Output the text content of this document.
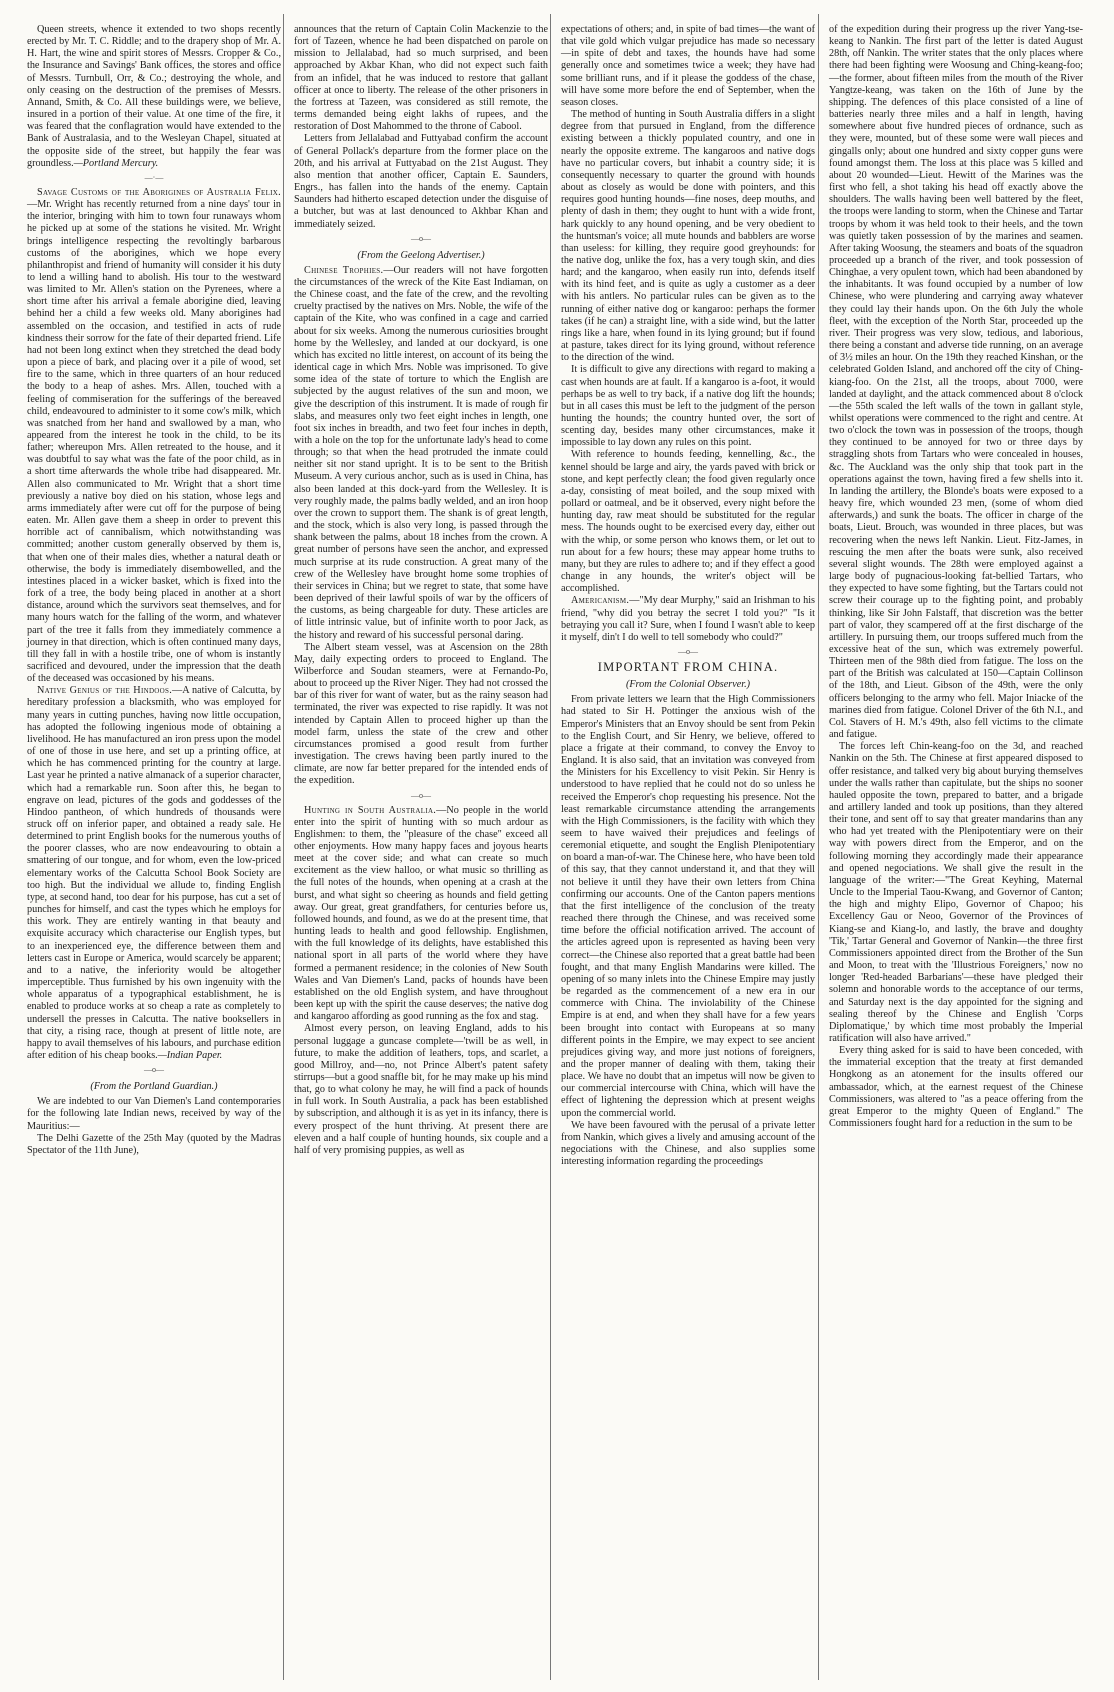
Queen streets, whence it extended to two shops recently erected by Mr. T. C. Riddle; and to the drapery shop of Mr. A. H. Hart, the wine and spirit stores of Messrs. Cropper & Co., the Insurance and Savings' Bank offices, the stores and office of Messrs. Turnbull, Orr, & Co.; destroying the whole, and only ceasing on the destruction of the premises of Messrs. Annand, Smith, & Co. All these buildings were, we believe, insured in a portion of their value. At one time of the fire, it was feared that the conflagration would have extended to the Bank of Australasia, and to the Wesleyan Chapel, situated at the opposite side of the street, but happily the fear was groundless.—Portland Mercury.

—·—

Savage Customs of the Aborigines of Australia Felix.—Mr. Wright has recently returned from a nine days' tour in the interior, bringing with him to town four runaways whom he picked up at some of the stations he visited. Mr. Wright brings intelligence respecting the revoltingly barbarous customs of the aborigines, which we hope every philanthropist and friend of humanity will consider it his duty to lend a willing hand to abolish. His tour to the westward was limited to Mr. Allen's station on the Pyrenees, where a short time after his arrival a female aborigine died, leaving behind her a child a few weeks old. Many aborigines had assembled on the occasion, and testified in acts of rude kindness their sorrow for the fate of their departed friend. Life had not been long extinct when they stretched the dead body upon a piece of bark, and placing over it a pile of wood, set fire to the same, which in three quarters of an hour reduced the body to a heap of ashes. Mrs. Allen, touched with a feeling of commiseration for the sufferings of the bereaved child, endeavoured to administer to it some cow's milk, which was snatched from her hand and swallowed by a man, who appeared from the interest he took in the child, to be its father; whereupon Mrs. Allen retreated to the house, and it was doubtful to say what was the fate of the poor child, as in a short time afterwards the whole tribe had disappeared. Mr. Allen also communicated to Mr. Wright that a short time previously a native boy died on his station, whose legs and arms immediately after were cut off for the purpose of being eaten. Mr. Allen gave them a sheep in order to prevent this horrible act of cannibalism, which notwithstanding was committed; another custom generally observed by them is, that when one of their males dies, whether a natural death or otherwise, the body is immediately disembowelled, and the intestines placed in a wicker basket, which is fixed into the fork of a tree, the body being placed in another at a short distance, around which the survivors seat themselves, and for many hours watch for the falling of the worm, and whatever part of the tree it falls from they immediately commence a journey in that direction, which is often continued many days, till they fall in with a hostile tribe, one of whom is instantly sacrificed and devoured, under the impression that the death of the deceased was occasioned by his means.

Native Genius of the Hindoos.—A native of Calcutta, by hereditary profession a blacksmith, who was employed for many years in cutting punches, having now little occupation, has adopted the following ingenious mode of obtaining a livelihood. He has manufactured an iron press upon the model of one of those in use here, and set up a printing office, at which he has commenced printing for the country at large. Last year he printed a native almanack of a superior character, which had a remarkable run. Soon after this, he began to engrave on lead, pictures of the gods and goddesses of the Hindoo pantheon, of which hundreds of thousands were struck off on inferior paper, and obtained a ready sale. He determined to print English books for the numerous youths of the poorer classes, who are now endeavouring to obtain a smattering of our tongue, and for whom, even the low-priced elementary works of the Calcutta School Book Society are too high. But the individual we allude to, finding English type, at second hand, too dear for his purpose, has cut a set of punches for himself, and cast the types which he employs for this work. They are entirely wanting in that beauty and exquisite accuracy which characterise our English types, but to an inexperienced eye, the difference between them and letters cast in Europe or America, would scarcely be apparent; and to a native, the inferiority would be altogether imperceptible. Thus furnished by his own ingenuity with the whole apparatus of a typographical establishment, he is enabled to produce works at so cheap a rate as completely to undersell the presses in Calcutta. The native booksellers in that city, a rising race, though at present of little note, are happy to avail themselves of his labours, and purchase edition after edition of his cheap books.—Indian Paper.

—o—

(From the Portland Guardian.)

We are indebted to our Van Diemen's Land contemporaries for the following late Indian news, received by way of the Mauritius:—

The Delhi Gazette of the 25th May (quoted by the Madras Spectator of the 11th June),

announces that the return of Captain Colin Mackenzie to the fort of Tazeen, whence he had been dispatched on parole on mission to Jellalabad, had so much surprised, and been approached by Akbar Khan, who did not expect such faith from an infidel, that he was induced to restore that gallant officer at once to liberty. The release of the other prisoners in the fortress at Tazeen, was considered as still remote, the terms demanded being eight lakhs of rupees, and the restoration of Dost Mahommed to the throne of Cabool.

Letters from Jellalabad and Futtyabad confirm the account of General Pollack's departure from the former place on the 20th, and his arrival at Futtyabad on the 21st August. They also mention that another officer, Captain E. Saunders, Engrs., has fallen into the hands of the enemy. Captain Saunders had hitherto escaped detection under the disguise of a butcher, but was at last denounced to Akhbar Khan and immediately seized.

—o—

(From the Geelong Advertiser.)

Chinese Trophies.—Our readers will not have forgotten the circumstances of the wreck of the Kite East Indiaman, on the Chinese coast, and the fate of the crew, and the revolting cruelty practised by the natives on Mrs. Noble, the wife of the captain of the Kite, who was confined in a cage and carried about for six weeks. Among the numerous curiosities brought home by the Wellesley, and landed at our dockyard, is one which has excited no little interest, on account of its being the identical cage in which Mrs. Noble was imprisoned. To give some idea of the state of torture to which the English are subjected by the august relatives of the sun and moon, we give the description of this instrument. It is made of rough fir slabs, and measures only two feet eight inches in length, one foot six inches in breadth, and two feet four inches in depth, with a hole on the top for the unfortunate lady's head to come through; so that when the head protruded the inmate could neither sit nor stand upright. It is to be sent to the British Museum. A very curious anchor, such as is used in China, has also been landed at this dock-yard from the Wellesley. It is very roughly made, the palms badly welded, and an iron hoop over the crown to support them. The shank is of great length, and the stock, which is also very long, is passed through the shank between the palms, about 18 inches from the crown. A great number of persons have seen the anchor, and expressed much surprise at its rude construction. A great many of the crew of the Wellesley have brought home some trophies of their services in China; but we regret to state, that some have been deprived of their lawful spoils of war by the officers of the customs, as being chargeable for duty. These articles are of little intrinsic value, but of infinite worth to poor Jack, as the history and reward of his successful personal daring.

The Albert steam vessel, was at Ascension on the 28th May, daily expecting orders to proceed to England. The Wilberforce and Soudan steamers, were at Fernando-Po, about to proceed up the River Niger. They had not crossed the bar of this river for want of water, but as the rainy season had terminated, the river was expected to rise rapidly. It was not intended by Captain Allen to proceed higher up than the model farm, unless the state of the crew and other circumstances promised a good result from further investigation. The crews having been partly inured to the climate, are now far better prepared for the intended ends of the expedition.

—o—

Hunting in South Australia.—No people in the world enter into the spirit of hunting with so much ardour as Englishmen: to them, the "pleasure of the chase" exceed all other enjoyments. How many happy faces and joyous hearts meet at the cover side; and what can create so much excitement as the view halloo, or what music so thrilling as the full notes of the hounds, when opening at a crash at the burst, and what sight so cheering as hounds and field getting away. Our great, great grandfathers, for centuries before us, followed hounds, and found, as we do at the present time, that hunting leads to health and good fellowship. Englishmen, with the full knowledge of its delights, have established this national sport in all parts of the world where they have formed a permanent residence; in the colonies of New South Wales and Van Diemen's Land, packs of hounds have been established on the old English system, and have throughout been kept up with the spirit the cause deserves; the native dog and kangaroo affording as good running as the fox and stag.

Almost every person, on leaving England, adds to his personal luggage a guncase complete—'twill be as well, in future, to make the addition of leathers, tops, and scarlet, a good Millroy, and—no, not Prince Albert's patent safety stirrups—but a good snaffle bit, for he may make up his mind that, go to what colony he may, he will find a pack of hounds in full work. In South Australia, a pack has been established by subscription, and although it is as yet in its infancy, there is every prospect of the hunt thriving. At present there are eleven and a half couple of hunting hounds, six couple and a half of very promising puppies, as well as

expectations of others; and, in spite of bad times—the want of that vile gold which vulgar prejudice has made so necessary—in spite of debt and taxes, the hounds have had some generally once and sometimes twice a week; they have had some brilliant runs, and if it please the goddess of the chase, will have some more before the end of September, when the season closes.

The method of hunting in South Australia differs in a slight degree from that pursued in England, from the difference existing between a thickly populated country, and one in nearly the opposite extreme. The kangaroos and native dogs have no particular covers, but inhabit a country side; it is consequently necessary to quarter the ground with hounds about as closely as would be done with pointers, and this requires good hunting hounds—fine noses, deep mouths, and plenty of dash in them; they ought to hunt with a wide front, hark quickly to any hound opening, and be very obedient to the huntsman's voice; all mute hounds and babblers are worse than useless: for killing, they require good greyhounds: for the native dog, unlike the fox, has a very tough skin, and dies hard; and the kangaroo, when easily run into, defends itself with its hind feet, and is quite as ugly a customer as a deer with his antlers. No particular rules can be given as to the running of either native dog or kangaroo: perhaps the former takes (if he can) a straight line, with a side wind, but the latter rings like a hare, when found in its lying ground; but if found at pasture, takes direct for its lying ground, without reference to the direction of the wind.

It is difficult to give any directions with regard to making a cast when hounds are at fault. If a kangaroo is a-foot, it would perhaps be as well to try back, if a native dog lift the hounds; but in all cases this must be left to the judgment of the person hunting the hounds; the country hunted over, the sort of scenting day, besides many other circumstances, make it impossible to lay down any rules on this point.

With reference to hounds feeding, kennelling, &c., the kennel should be large and airy, the yards paved with brick or stone, and kept perfectly clean; the food given regularly once a-day, consisting of meat boiled, and the soup mixed with pollard or oatmeal, and be it observed, every night before the hunting day, raw meat should be substituted for the regular mess. The hounds ought to be exercised every day, either out with the whip, or some person who knows them, or let out to run about for a few hours; these may appear home truths to many, but they are rules to adhere to; and if they effect a good change in any hounds, the writer's object will be accomplished.

Americanism.—"My dear Murphy," said an Irishman to his friend, "why did you betray the secret I told you?" "Is it betraying you call it? Sure, when I found I wasn't able to keep it myself, din't I do well to tell somebody who could?"

—o—

IMPORTANT FROM CHINA.

(From the Colonial Observer.)

From private letters we learn that the High Commissioners had stated to Sir H. Pottinger the anxious wish of the Emperor's Ministers that an Envoy should be sent from Pekin to the English Court, and Sir Henry, we believe, offered to place a frigate at their command, to convey the Envoy to England. It is also said, that an invitation was conveyed from the Ministers for his Excellency to visit Pekin. Sir Henry is understood to have replied that he could not do so unless he received the Emperor's chop requesting his presence. Not the least remarkable circumstance attending the arrangements with the High Commissioners, is the facility with which they seem to have waived their prejudices and feelings of ceremonial etiquette, and sought the English Plenipotentiary on board a man-of-war. The Chinese here, who have been told of this say, that they cannot understand it, and that they will not believe it until they have their own letters from China confirming our accounts. One of the Canton papers mentions that the first intelligence of the conclusion of the treaty reached there through the Chinese, and was received some time before the official notification arrived. The account of the articles agreed upon is represented as having been very correct—the Chinese also reported that a great battle had been fought, and that many English Mandarins were killed. The opening of so many inlets into the Chinese Empire may justly be regarded as the commencement of a new era in our commerce with China. The inviolability of the Chinese Empire is at end, and when they shall have for a few years been brought into contact with Europeans at so many different points in the Empire, we may expect to see ancient prejudices giving way, and more just notions of foreigners, and the proper manner of dealing with them, taking their place. We have no doubt that an impetus will now be given to our commercial intercourse with China, which will have the effect of lightening the depression which at present weighs upon the commercial world.

We have been favoured with the perusal of a private letter from Nankin, which gives a lively and amusing account of the negociations with the Chinese, and also supplies some interesting information regarding the proceedings

of the expedition during their progress up the river Yang-tse-keang to Nankin. The first part of the letter is dated August 28th, off Nankin. The writer states that the only places where there had been fighting were Woosung and Ching-keang-foo;—the former, about fifteen miles from the mouth of the River Yangtze-keang, was taken on the 16th of June by the shipping. The defences of this place consisted of a line of batteries nearly three miles and a half in length, having somewhere about five hundred pieces of ordnance, such as they were, mounted, but of these some were wall pieces and gingalls only; about one hundred and sixty copper guns were found amongst them. The loss at this place was 5 killed and about 20 wounded—Lieut. Hewitt of the Marines was the first who fell, a shot taking his head off exactly above the shoulders. The walls having been well battered by the fleet, the troops were landing to storm, when the Chinese and Tartar troops by whom it was held took to their heels, and the town was quietly taken possession of by the marines and seamen. After taking Woosung, the steamers and boats of the squadron proceeded up a branch of the river, and took possession of Chinghae, a very opulent town, which had been abandoned by the inhabitants. It was found occupied by a number of low Chinese, who were plundering and carrying away whatever they could lay their hands upon. On the 6th July the whole fleet, with the exception of the North Star, proceeded up the river. Their progress was very slow, tedious, and laborious, there being a constant and adverse tide running, on an average of 3½ miles an hour. On the 19th they reached Kinshan, or the celebrated Golden Island, and anchored off the city of Ching-kiang-foo. On the 21st, all the troops, about 7000, were landed at daylight, and the attack commenced about 8 o'clock—the 55th scaled the left walls of the town in gallant style, whilst operations were commenced to the right and centre. At two o'clock the town was in possession of the troops, though they continued to be annoyed for two or three days by straggling shots from Tartars who were concealed in houses, &c. The Auckland was the only ship that took part in the operations against the town, having fired a few shells into it. In landing the artillery, the Blonde's boats were exposed to a heavy fire, which wounded 23 men, (some of whom died afterwards,) and sunk the boats. The officer in charge of the boats, Lieut. Brouch, was wounded in three places, but was recovering when the news left Nankin. Lieut. Fitz-James, in rescuing the men after the boats were sunk, also received several slight wounds. The 28th were employed against a large body of pugnacious-looking fat-bellied Tartars, who they expected to have some fighting, but the Tartars could not screw their courage up to the fighting point, and probably thinking, like Sir John Falstaff, that discretion was the better part of valor, they scampered off at the first discharge of the artillery. In pursuing them, our troops suffered much from the excessive heat of the sun, which was extremely powerful. Thirteen men of the 98th died from fatigue. The loss on the part of the British was calculated at 150—Captain Collinson of the 18th, and Lieut. Gibson of the 49th, were the only officers belonging to the army who fell. Major Iniacke of the marines died from fatigue. Colonel Driver of the 6th N.I., and Col. Stavers of H. M.'s 49th, also fell victims to the climate and fatigue.

The forces left Chin-keang-foo on the 3d, and reached Nankin on the 5th. The Chinese at first appeared disposed to offer resistance, and talked very big about burying themselves under the walls rather than capitulate, but the ships no sooner hauled opposite the town, prepared to batter, and a brigade and artillery landed and took up positions, than they altered their tone, and sent off to say that greater mandarins than any who had yet treated with the Plenipotentiary were on their way with powers direct from the Emperor, and on the following morning they accordingly made their appearance and opened negociations. We shall give the result in the language of the writer:—"The Great Keyhing, Maternal Uncle to the Imperial Taou-Kwang, and Governor of Canton; the high and mighty Elipo, Governor of Chapoo; his Excellency Gau or Neoo, Governor of the Provinces of Kiang-se and Kiang-lo, and lastly, the brave and doughty 'Tik,' Tartar General and Governor of Nankin—the three first Commissioners appointed direct from the Brother of the Sun and Moon, to treat with the 'Illustrious Foreigners,' now no longer 'Red-headed Barbarians'—these have pledged their solemn and honorable words to the acceptance of our terms, and Saturday next is the day appointed for the signing and sealing thereof by the Chinese and English 'Corps Diplomatique,' by which time most probably the Imperial ratification will also have arrived."

Every thing asked for is said to have been conceded, with the immaterial exception that the treaty at first demanded Hongkong as an atonement for the insults offered our ambassador, which, at the earnest request of the Chinese Commissioners, was altered to "as a peace offering from the great Emperor to the mighty Queen of England." The Commissioners fought hard for a reduction in the sum to be
